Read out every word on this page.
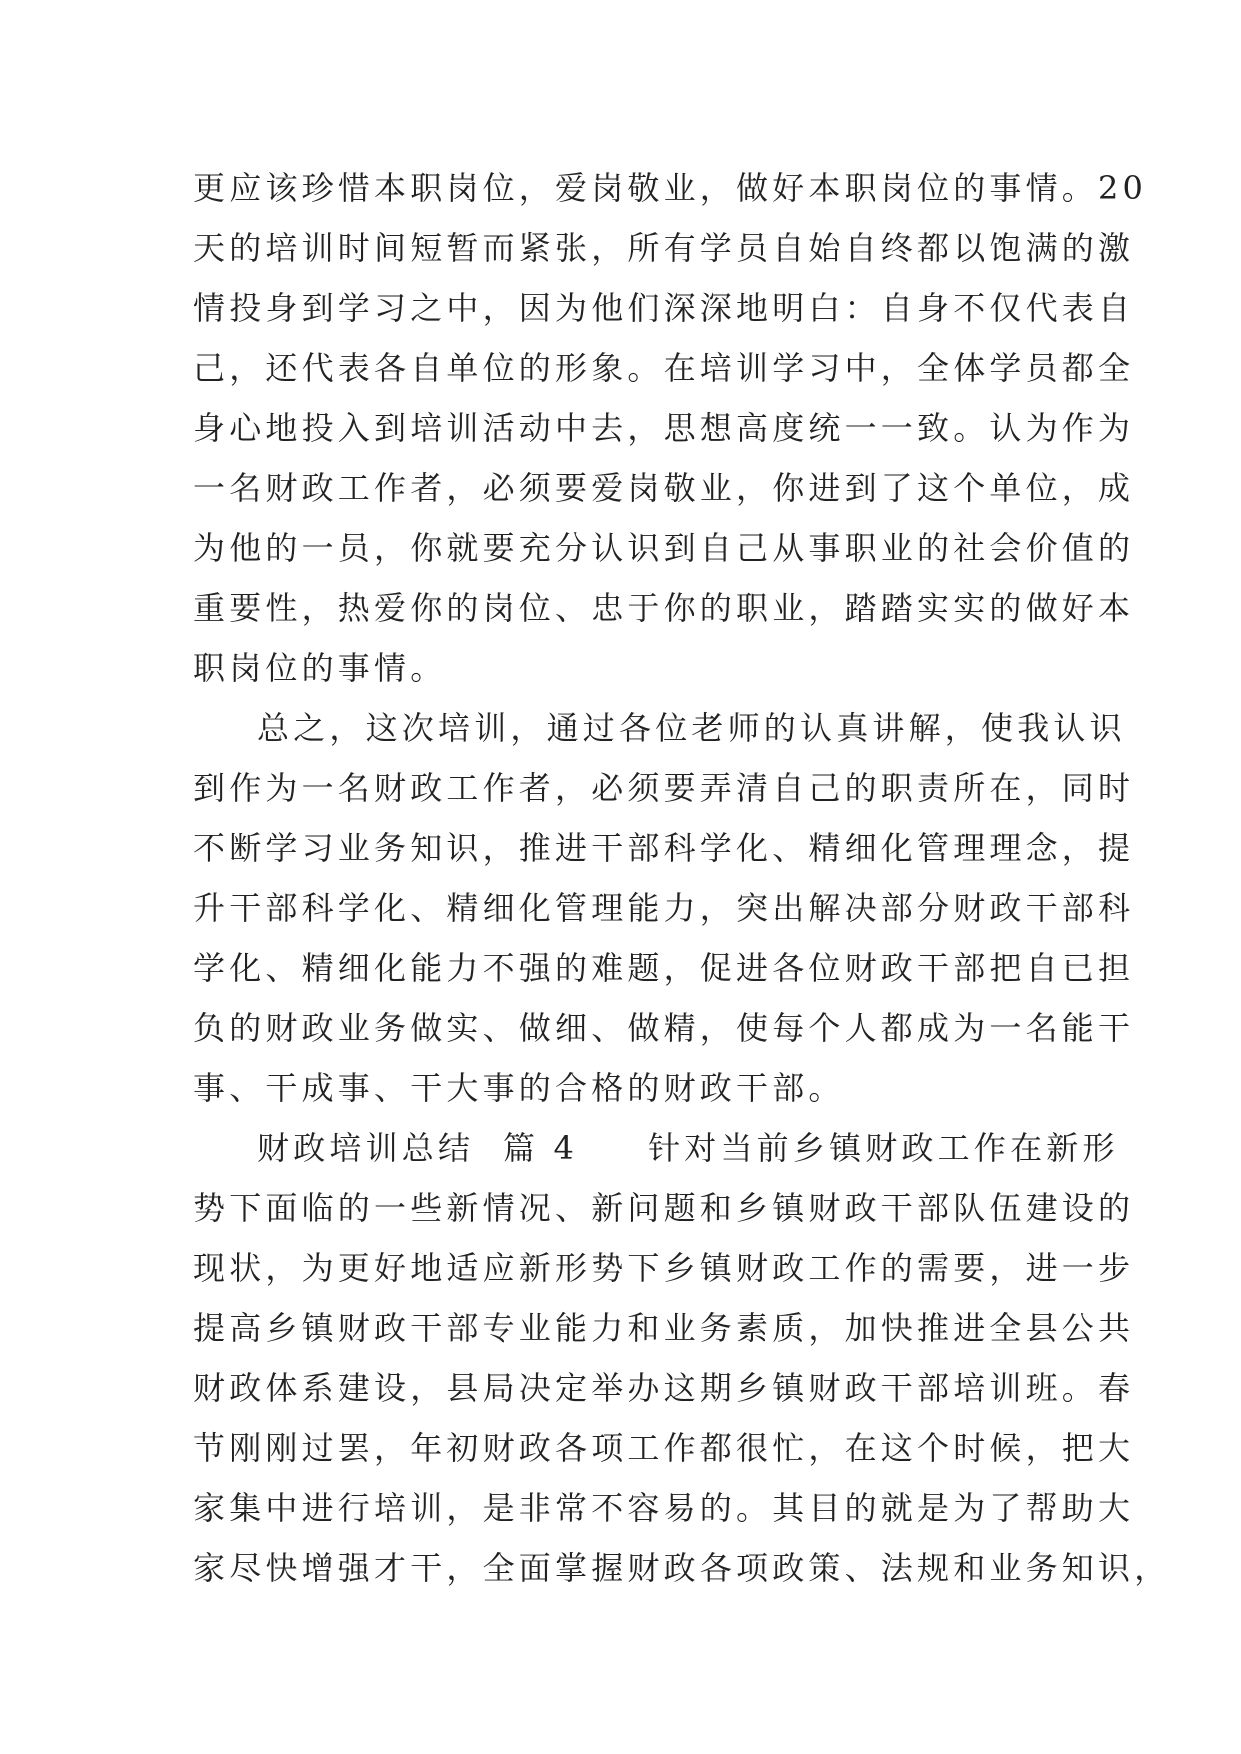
更应该珍惜本职岗位，爱岗敬业，做好本职岗位的事情。20
天的培训时间短暂而紧张，所有学员自始自终都以饱满的激
情投身到学习之中，因为他们深深地明白：自身不仅代表自
己，还代表各自单位的形象。在培训学习中，全体学员都全
身心地投入到培训活动中去，思想高度统一一致。认为作为
一名财政工作者，必须要爱岗敬业，你进到了这个单位，成
为他的一员，你就要充分认识到自己从事职业的社会价值的
重要性，热爱你的岗位、忠于你的职业，踏踏实实的做好本
职岗位的事情。
总之，这次培训，通过各位老师的认真讲解，使我认识
到作为一名财政工作者，必须要弄清自己的职责所在，同时
不断学习业务知识，推进干部科学化、精细化管理理念，提
升干部科学化、精细化管理能力，突出解决部分财政干部科
学化、精细化能力不强的难题，促进各位财政干部把自已担
负的财政业务做实、做细、做精，使每个人都成为一名能干
事、干成事、干大事的合格的财政干部。
财政培训总结  篇 4 针对当前乡镇财政工作在新形
势下面临的一些新情况、新问题和乡镇财政干部队伍建设的
现状，为更好地适应新形势下乡镇财政工作的需要，进一步
提高乡镇财政干部专业能力和业务素质，加快推进全县公共
财政体系建设，县局决定举办这期乡镇财政干部培训班。春
节刚刚过罢，年初财政各项工作都很忙，在这个时候，把大
家集中进行培训，是非常不容易的。其目的就是为了帮助大
家尽快增强才干，全面掌握财政各项政策、法规和业务知识，
